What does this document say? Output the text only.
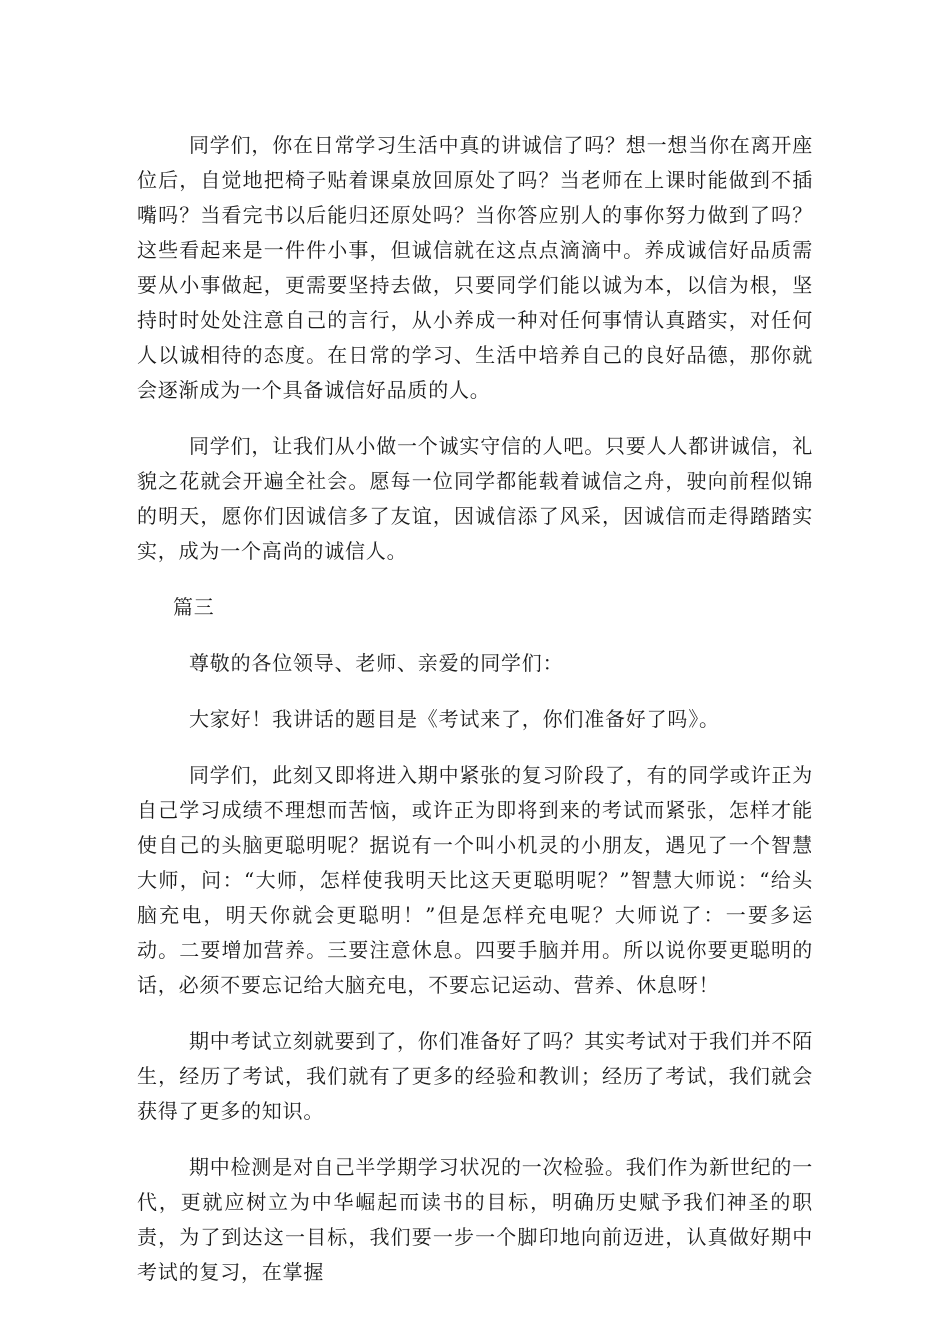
同学们，你在日常学习生活中真的讲诚信了吗？想一想当你在离开座位后，自觉地把椅子贴着课桌放回原处了吗？当老师在上课时能做到不插嘴吗？当看完书以后能归还原处吗？当你答应别人的事你努力做到了吗？这些看起来是一件件小事，但诚信就在这点点滴滴中。养成诚信好品质需要从小事做起，更需要坚持去做，只要同学们能以诚为本，以信为根，坚持时时处处注意自己的言行，从小养成一种对任何事情认真踏实，对任何人以诚相待的态度。在日常的学习、生活中培养自己的良好品德，那你就会逐渐成为一个具备诚信好品质的人。

同学们，让我们从小做一个诚实守信的人吧。只要人人都讲诚信，礼貌之花就会开遍全社会。愿每一位同学都能载着诚信之舟，驶向前程似锦的明天，愿你们因诚信多了友谊，因诚信添了风采，因诚信而走得踏踏实实，成为一个高尚的诚信人。

篇三

尊敬的各位领导、老师、亲爱的同学们：

大家好！我讲话的题目是《考试来了，你们准备好了吗》。

同学们，此刻又即将进入期中紧张的复习阶段了，有的同学或许正为自己学习成绩不理想而苦恼，或许正为即将到来的考试而紧张，怎样才能使自己的头脑更聪明呢？据说有一个叫小机灵的小朋友，遇见了一个智慧大师，问：“大师，怎样使我明天比这天更聪明呢？”智慧大师说：“给头脑充电，明天你就会更聪明！”但是怎样充电呢？大师说了：一要多运动。二要增加营养。三要注意休息。四要手脑并用。所以说你要更聪明的话，必须不要忘记给大脑充电，不要忘记运动、营养、休息呀！

期中考试立刻就要到了，你们准备好了吗？其实考试对于我们并不陌生，经历了考试，我们就有了更多的经验和教训；经历了考试，我们就会获得了更多的知识。

期中检测是对自己半学期学习状况的一次检验。我们作为新世纪的一代，更就应树立为中华崛起而读书的目标，明确历史赋予我们神圣的职责，为了到达这一目标，我们要一步一个脚印地向前迈进，认真做好期中考试的复习，在掌握
